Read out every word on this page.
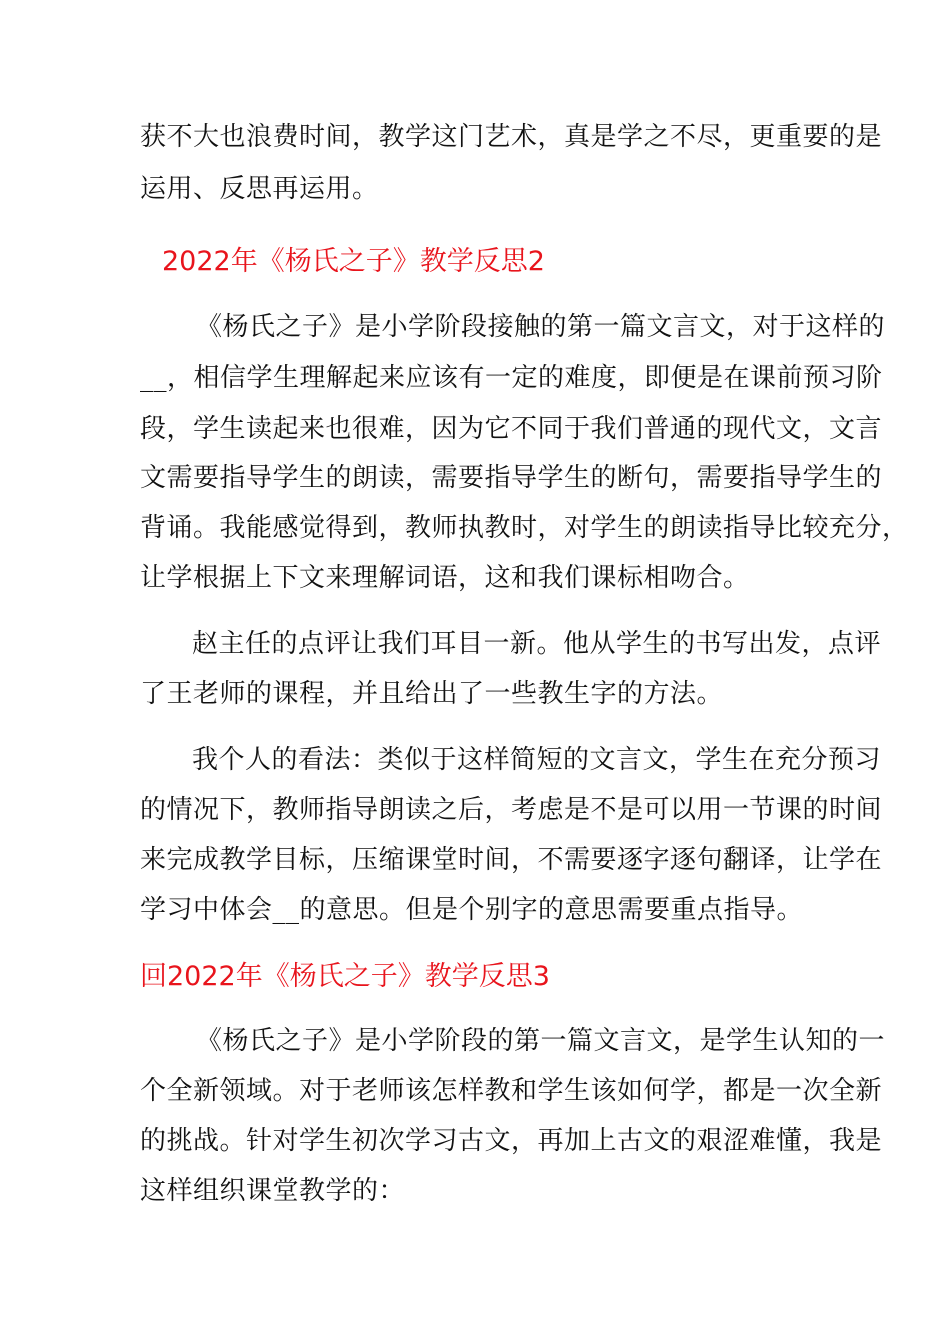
获不大也浪费时间，教学这门艺术，真是学之不尽，更重要的是
运用、反思再运用。
2022年《杨氏之子》教学反思2
《杨氏之子》是小学阶段接触的第一篇文言文，对于这样的
__，相信学生理解起来应该有一定的难度，即便是在课前预习阶
段，学生读起来也很难，因为它不同于我们普通的现代文，文言
文需要指导学生的朗读，需要指导学生的断句，需要指导学生的
背诵。我能感觉得到，教师执教时，对学生的朗读指导比较充分，
让学根据上下文来理解词语，这和我们课标相吻合。
赵主任的点评让我们耳目一新。他从学生的书写出发，点评
了王老师的课程，并且给出了一些教生字的方法。
我个人的看法：类似于这样简短的文言文，学生在充分预习
的情况下，教师指导朗读之后，考虑是不是可以用一节课的时间
来完成教学目标，压缩课堂时间，不需要逐字逐句翻译，让学在
学习中体会__的意思。但是个别字的意思需要重点指导。
回2022年《杨氏之子》教学反思3
《杨氏之子》是小学阶段的第一篇文言文，是学生认知的一
个全新领域。对于老师该怎样教和学生该如何学，都是一次全新
的挑战。针对学生初次学习古文，再加上古文的艰涩难懂，我是
这样组织课堂教学的：
